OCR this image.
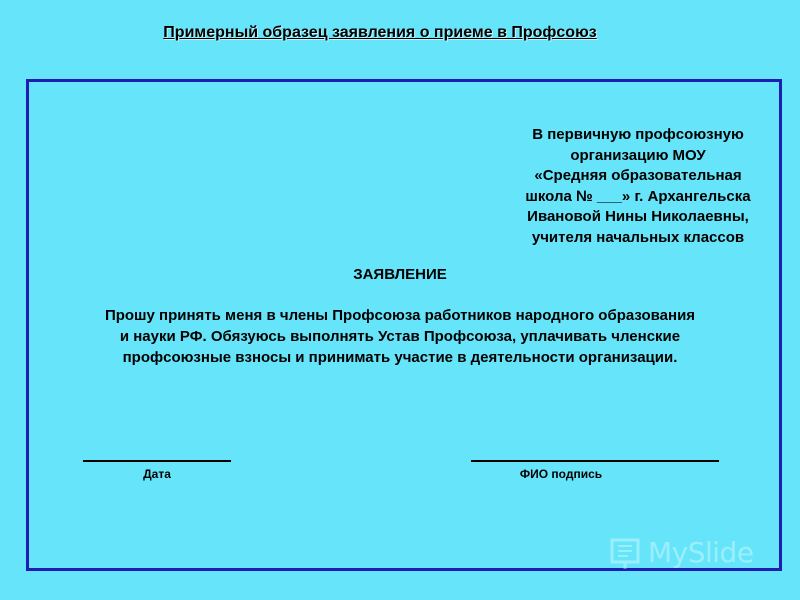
Примерный образец заявления о приеме в Профсоюз
В первичную профсоюзную
организацию МОУ
«Средняя образовательная
школа № ___» г. Архангельска
Ивановой Нины Николаевны,
учителя начальных классов
ЗАЯВЛЕНИЕ
Прошу принять меня в члены Профсоюза работников народного образования
и науки РФ. Обязуюсь выполнять Устав Профсоюза, уплачивать членские
профсоюзные взносы и принимать участие в деятельности организации.
Дата	ФИО подпись
MySlide
